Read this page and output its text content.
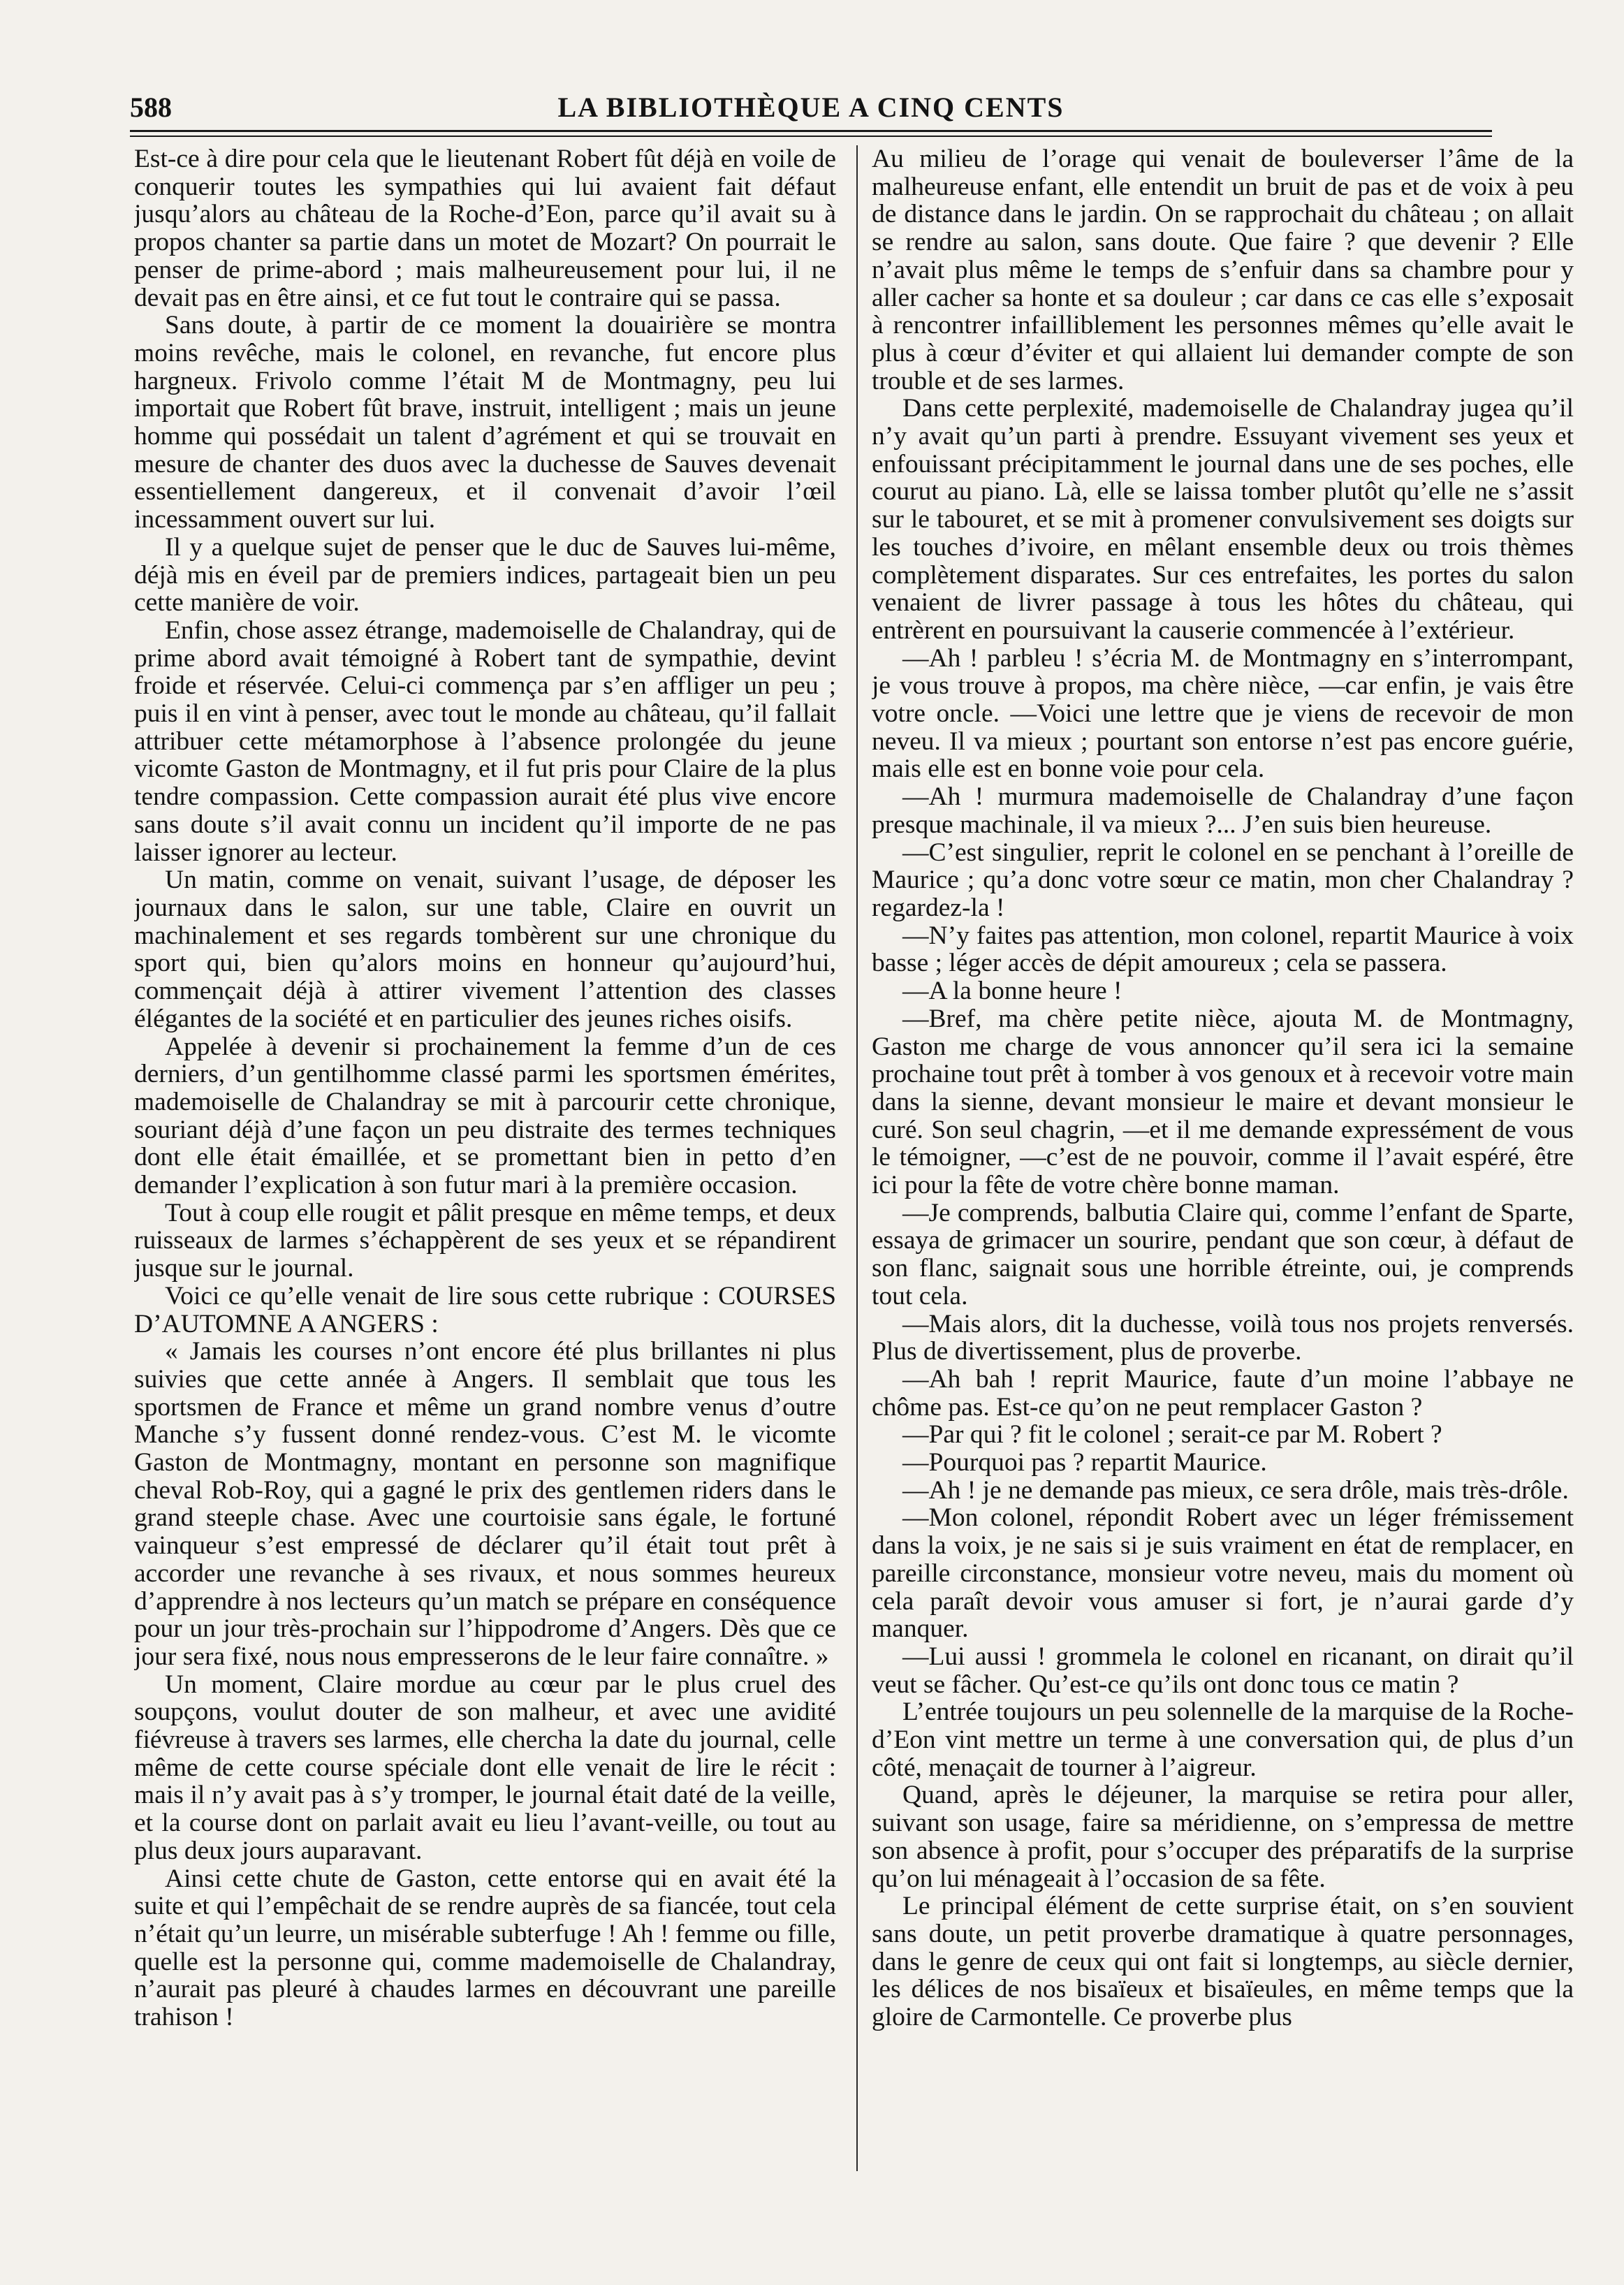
588	LA BIBLIOTHÈQUE A CINQ CENTS

Est-ce à dire pour cela que le lieutenant Robert fût déjà en voile de conquerir toutes les sympathies qui lui avaient fait défaut jusqu’alors au château de la Roche-d’Eon, parce qu’il avait su à propos chanter sa partie dans un motet de Mozart? On pourrait le penser de prime-abord ; mais malheureusement pour lui, il ne devait pas en être ainsi, et ce fut tout le contraire qui se passa.

Sans doute, à partir de ce moment la douairière se montra moins revêche, mais le colonel, en revanche, fut encore plus hargneux. Frivolo comme l’était M de Montmagny, peu lui importait que Robert fût brave, instruit, intelligent ; mais un jeune homme qui possédait un talent d’agrément et qui se trouvait en mesure de chanter des duos avec la duchesse de Sauves devenait essentiellement dangereux, et il convenait d’avoir l’œil incessamment ouvert sur lui.

Il y a quelque sujet de penser que le duc de Sauves lui-même, déjà mis en éveil par de premiers indices, partageait bien un peu cette manière de voir.

Enfin, chose assez étrange, mademoiselle de Chalandray, qui de prime abord avait témoigné à Robert tant de sympathie, devint froide et réservée. Celui-ci commença par s’en affliger un peu ; puis il en vint à penser, avec tout le monde au château, qu’il fallait attribuer cette métamorphose à l’absence prolongée du jeune vicomte Gaston de Montmagny, et il fut pris pour Claire de la plus tendre compassion. Cette compassion aurait été plus vive encore sans doute s’il avait connu un incident qu’il importe de ne pas laisser ignorer au lecteur.

Un matin, comme on venait, suivant l’usage, de déposer les journaux dans le salon, sur une table, Claire en ouvrit un machinalement et ses regards tombèrent sur une chronique du sport qui, bien qu’alors moins en honneur qu’aujourd’hui, commençait déjà à attirer vivement l’attention des classes élégantes de la société et en particulier des jeunes riches oisifs.

Appelée à devenir si prochainement la femme d’un de ces derniers, d’un gentilhomme classé parmi les sportsmen émérites, mademoiselle de Chalandray se mit à parcourir cette chronique, souriant déjà d’une façon un peu distraite des termes techniques dont elle était émaillée, et se promettant bien in petto d’en demander l’explication à son futur mari à la première occasion.

Tout à coup elle rougit et pâlit presque en même temps, et deux ruisseaux de larmes s’échappèrent de ses yeux et se répandirent jusque sur le journal.

Voici ce qu’elle venait de lire sous cette rubrique : COURSES D’AUTOMNE A ANGERS :

« Jamais les courses n’ont encore été plus brillantes ni plus suivies que cette année à Angers. Il semblait que tous les sportsmen de France et même un grand nombre venus d’outre Manche s’y fussent donné rendez-vous. C’est M. le vicomte Gaston de Montmagny, montant en personne son magnifique cheval Rob-Roy, qui a gagné le prix des gentlemen riders dans le grand steeple chase. Avec une courtoisie sans égale, le fortuné vainqueur s’est empressé de déclarer qu’il était tout prêt à accorder une revanche à ses rivaux, et nous sommes heureux d’apprendre à nos lecteurs qu’un match se prépare en conséquence pour un jour très-prochain sur l’hippodrome d’Angers. Dès que ce jour sera fixé, nous nous empresserons de le leur faire connaître. »

Un moment, Claire mordue au cœur par le plus cruel des soupçons, voulut douter de son malheur, et avec une avidité fiévreuse à travers ses larmes, elle chercha la date du journal, celle même de cette course spéciale dont elle venait de lire le récit : mais il n’y avait pas à s’y tromper, le journal était daté de la veille, et la course dont on parlait avait eu lieu l’avant-veille, ou tout au plus deux jours auparavant.

Ainsi cette chute de Gaston, cette entorse qui en avait été la suite et qui l’empêchait de se rendre auprès de sa fiancée, tout cela n’était qu’un leurre, un misérable subterfuge ! Ah ! femme ou fille, quelle est la personne qui, comme mademoiselle de Chalandray, n’aurait pas pleuré à chaudes larmes en découvrant une pareille trahison !

Au milieu de l’orage qui venait de bouleverser l’âme de la malheureuse enfant, elle entendit un bruit de pas et de voix à peu de distance dans le jardin. On se rapprochait du château ; on allait se rendre au salon, sans doute. Que faire ? que devenir ? Elle n’avait plus même le temps de s’enfuir dans sa chambre pour y aller cacher sa honte et sa douleur ; car dans ce cas elle s’exposait à rencontrer infailliblement les personnes mêmes qu’elle avait le plus à cœur d’éviter et qui allaient lui demander compte de son trouble et de ses larmes.

Dans cette perplexité, mademoiselle de Chalandray jugea qu’il n’y avait qu’un parti à prendre. Essuyant vivement ses yeux et enfouissant précipitamment le journal dans une de ses poches, elle courut au piano. Là, elle se laissa tomber plutôt qu’elle ne s’assit sur le tabouret, et se mit à promener convulsivement ses doigts sur les touches d’ivoire, en mêlant ensemble deux ou trois thèmes complètement disparates. Sur ces entrefaites, les portes du salon venaient de livrer passage à tous les hôtes du château, qui entrèrent en poursuivant la causerie commencée à l’extérieur.

—Ah ! parbleu ! s’écria M. de Montmagny en s’interrompant, je vous trouve à propos, ma chère nièce, —car enfin, je vais être votre oncle. —Voici une lettre que je viens de recevoir de mon neveu. Il va mieux ; pourtant son entorse n’est pas encore guérie, mais elle est en bonne voie pour cela.

—Ah ! murmura mademoiselle de Chalandray d’une façon presque machinale, il va mieux ?... J’en suis bien heureuse.

—C’est singulier, reprit le colonel en se penchant à l’oreille de Maurice ; qu’a donc votre sœur ce matin, mon cher Chalandray ? regardez-la !

—N’y faites pas attention, mon colonel, repartit Maurice à voix basse ; léger accès de dépit amoureux ; cela se passera.

—A la bonne heure !

—Bref, ma chère petite nièce, ajouta M. de Montmagny, Gaston me charge de vous annoncer qu’il sera ici la semaine prochaine tout prêt à tomber à vos genoux et à recevoir votre main dans la sienne, devant monsieur le maire et devant monsieur le curé. Son seul chagrin, —et il me demande expressément de vous le témoigner, —c’est de ne pouvoir, comme il l’avait espéré, être ici pour la fête de votre chère bonne maman.

—Je comprends, balbutia Claire qui, comme l’enfant de Sparte, essaya de grimacer un sourire, pendant que son cœur, à défaut de son flanc, saignait sous une horrible étreinte, oui, je comprends tout cela.

—Mais alors, dit la duchesse, voilà tous nos projets renversés. Plus de divertissement, plus de proverbe.

—Ah bah ! reprit Maurice, faute d’un moine l’abbaye ne chôme pas. Est-ce qu’on ne peut remplacer Gaston ?

—Par qui ? fit le colonel ; serait-ce par M. Robert ?

—Pourquoi pas ? repartit Maurice.

—Ah ! je ne demande pas mieux, ce sera drôle, mais très-drôle.

—Mon colonel, répondit Robert avec un léger frémissement dans la voix, je ne sais si je suis vraiment en état de remplacer, en pareille circonstance, monsieur votre neveu, mais du moment où cela paraît devoir vous amuser si fort, je n’aurai garde d’y manquer.

—Lui aussi ! grommela le colonel en ricanant, on dirait qu’il veut se fâcher. Qu’est-ce qu’ils ont donc tous ce matin ?

L’entrée toujours un peu solennelle de la marquise de la Roche-d’Eon vint mettre un terme à une conversation qui, de plus d’un côté, menaçait de tourner à l’aigreur.

Quand, après le déjeuner, la marquise se retira pour aller, suivant son usage, faire sa méridienne, on s’empressa de mettre son absence à profit, pour s’occuper des préparatifs de la surprise qu’on lui ménageait à l’occasion de sa fête.

Le principal élément de cette surprise était, on s’en souvient sans doute, un petit proverbe dramatique à quatre personnages, dans le genre de ceux qui ont fait si longtemps, au siècle dernier, les délices de nos bisaïeux et bisaïeules, en même temps que la gloire de Carmontelle. Ce proverbe plus
